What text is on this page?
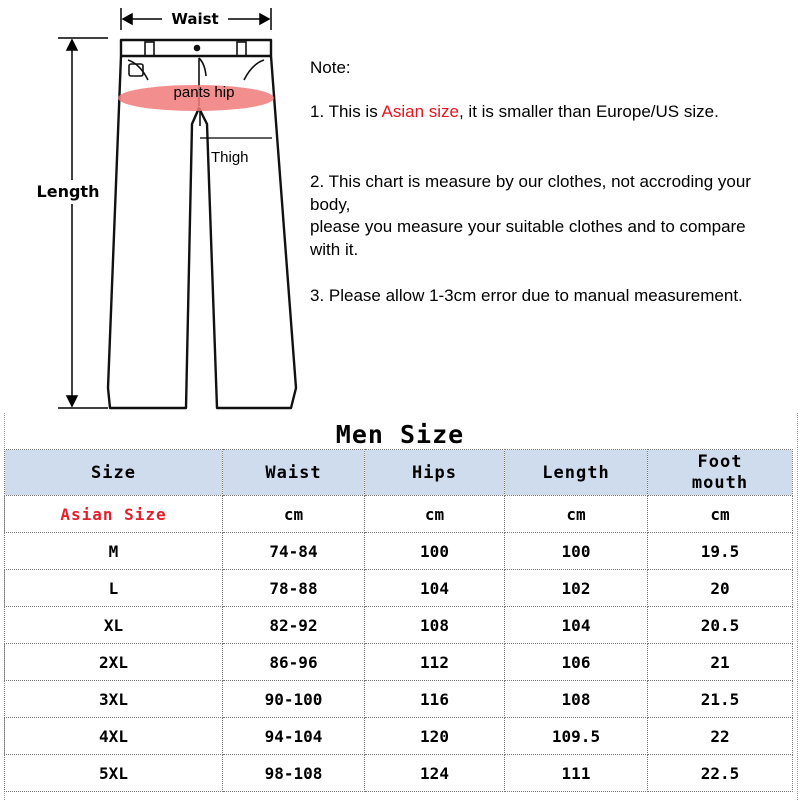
Waist
Length
pants hip
Thigh

Note:

1. This is Asian size, it is smaller than Europe/US size.

2. This chart is measure by our clothes, not accroding your body,
please you measure your suitable clothes and to compare with it.

3. Please allow 1-3cm error due to manual measurement.

Men Size
Size	Waist	Hips	Length	Foot
mouth
Asian Size	cm	cm	cm	cm
M	74-84	100	100	19.5
L	78-88	104	102	20
XL	82-92	108	104	20.5
2XL	86-96	112	106	21
3XL	90-100	116	108	21.5
4XL	94-104	120	109.5	22
5XL	98-108	124	111	22.5
